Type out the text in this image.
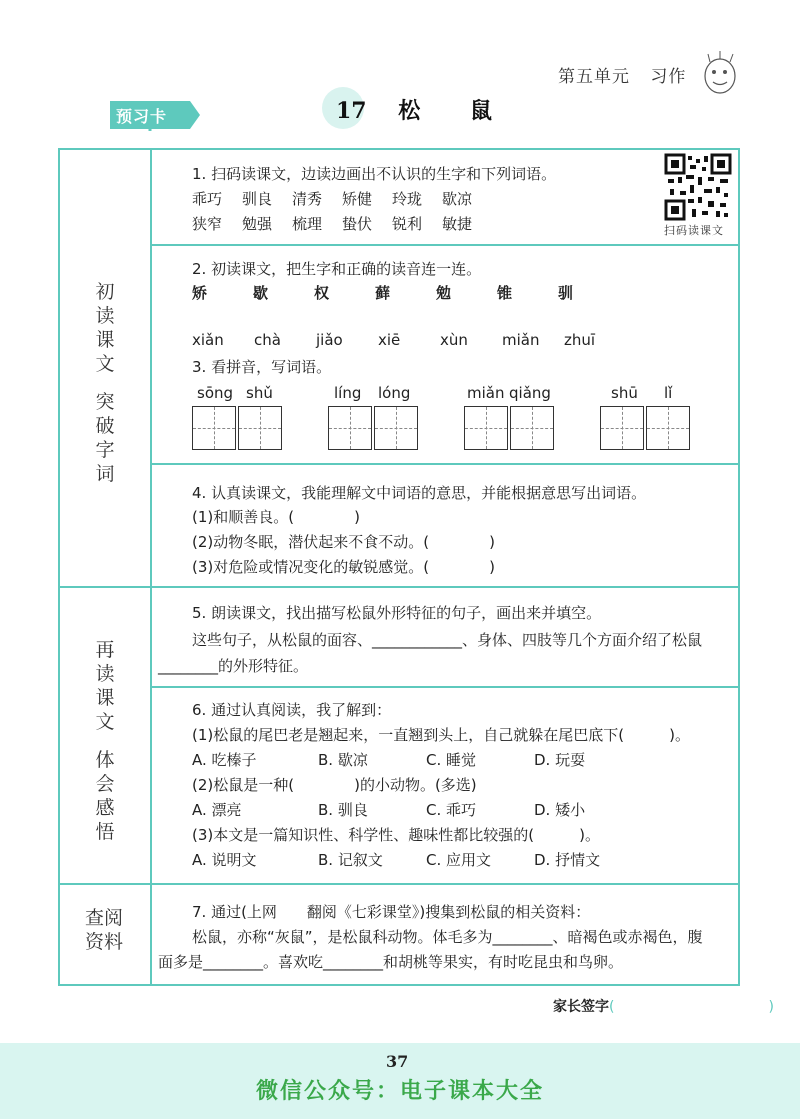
第五单元 习作
预习卡	17 松 鼠
初
读
课
文
突
破
字
词
再
读
课
文
体
会
感
悟
查阅
资料
1. 扫码读课文，边读边画出不认识的生字和下列词语。
乖巧 驯良 清秀 矫健 玲珑 歇凉
狭窄 勉强 梳理 蛰伏 锐利 敏捷	扫码读课文
2. 初读课文，把生字和正确的读音连一连。
矫	歇	权	藓	勉	锥	驯
xiǎn chà jiǎo xiē	xùn miǎn zhuī
3. 看拼音，写词语。
sōng shǔ	líng lóng	miǎn qiǎng	shū lǐ
4. 认真读课文，我能理解文中词语的意思，并能根据意思写出词语。
(1)和顺善良。(　　　　)
(2)动物冬眠，潜伏起来不食不动。(　　　　)
(3)对危险或情况变化的敏锐感觉。(　　　　)
5. 朗读课文，找出描写松鼠外形特征的句子，画出来并填空。
这些句子，从松鼠的面容、____________、身体、四肢等几个方面介绍了松鼠
________的外形特征。
6. 通过认真阅读，我了解到：
(1)松鼠的尾巴老是翘起来，一直翘到头上，自己就躲在尾巴底下(　　　)。
A. 吃榛子	B. 歇凉	C. 睡觉	D. 玩耍
(2)松鼠是一种(　　　　)的小动物。(多选)
A. 漂亮	B. 驯良	C. 乖巧	D. 矮小
(3)本文是一篇知识性、科学性、趣味性都比较强的(　　　)。
A. 说明文	B. 记叙文	C. 应用文	D. 抒情文
7. 通过(上网　　翻阅《七彩课堂》)搜集到松鼠的相关资料：
松鼠，亦称“灰鼠”，是松鼠科动物。体毛多为________、暗褐色或赤褐色，腹
面多是________。喜欢吃________和胡桃等果实，有时吃昆虫和鸟卵。
家长签字(　　　　　　　　　　　)
37
微信公众号：电子课本大全
